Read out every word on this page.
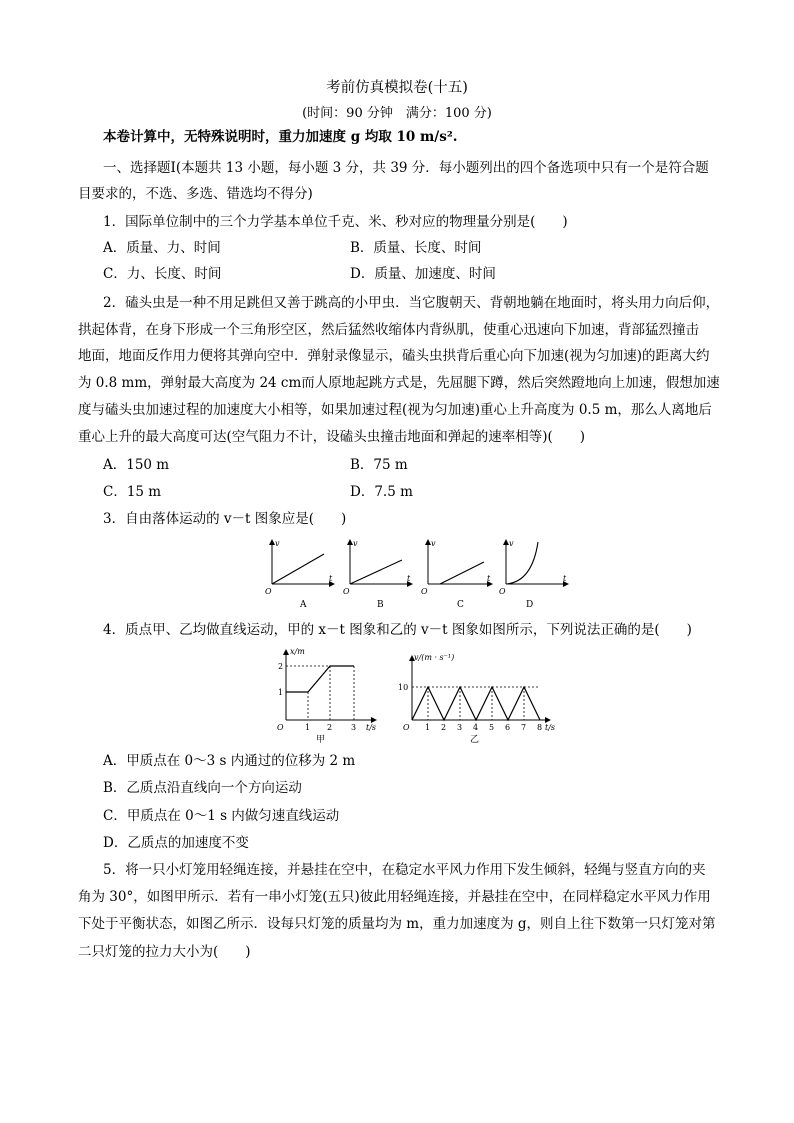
考前仿真模拟卷(十五)
(时间：90 分钟　满分：100 分)
本卷计算中，无特殊说明时，重力加速度 g 均取 10 m/s².
一、选择题Ⅰ(本题共 13 小题，每小题 3 分，共 39 分．每小题列出的四个备选项中只有一个是符合题
目要求的，不选、多选、错选均不得分)
1．国际单位制中的三个力学基本单位千克、米、秒对应的物理量分别是(　　)
A．质量、力、时间	B．质量、长度、时间
C．力、长度、时间	D．质量、加速度、时间
2．磕头虫是一种不用足跳但又善于跳高的小甲虫．当它腹朝天、背朝地躺在地面时，将头用力向后仰，
拱起体背，在身下形成一个三角形空区，然后猛然收缩体内背纵肌，使重心迅速向下加速，背部猛烈撞击
地面，地面反作用力便将其弹向空中．弹射录像显示，磕头虫拱背后重心向下加速(视为匀加速)的距离大约
为 0.8 mm，弹射最大高度为 24 cm而人原地起跳方式是，先屈腿下蹲，然后突然蹬地向上加速，假想加速
度与磕头虫加速过程的加速度大小相等，如果加速过程(视为匀加速)重心上升高度为 0.5 m，那么人离地后
重心上升的最大高度可达(空气阻力不计，设磕头虫撞击地面和弹起的速率相等)(　　)
A．150 m	B．75 m
C．15 m	D．7.5 m
3．自由落体运动的 v－t 图象应是(　　)
v
t
O
A
v
t
O
B
v
t
O
C
v
t
O
D
4．质点甲、乙均做直线运动，甲的 x－t 图象和乙的 v－t 图象如图所示，下列说法正确的是(　　)
x/m
1
2
O	1 2 3 t/s
甲
v/(m · s⁻¹)
10
O 1 2 3 4 5 6 7 8 t/s
乙
A．甲质点在 0～3 s 内通过的位移为 2 m
B．乙质点沿直线向一个方向运动
C．甲质点在 0～1 s 内做匀速直线运动
D．乙质点的加速度不变
5．将一只小灯笼用轻绳连接，并悬挂在空中，在稳定水平风力作用下发生倾斜，轻绳与竖直方向的夹
角为 30°，如图甲所示．若有一串小灯笼(五只)彼此用轻绳连接，并悬挂在空中，在同样稳定水平风力作用
下处于平衡状态，如图乙所示．设每只灯笼的质量均为 m，重力加速度为 g，则自上往下数第一只灯笼对第
二只灯笼的拉力大小为(　　)
